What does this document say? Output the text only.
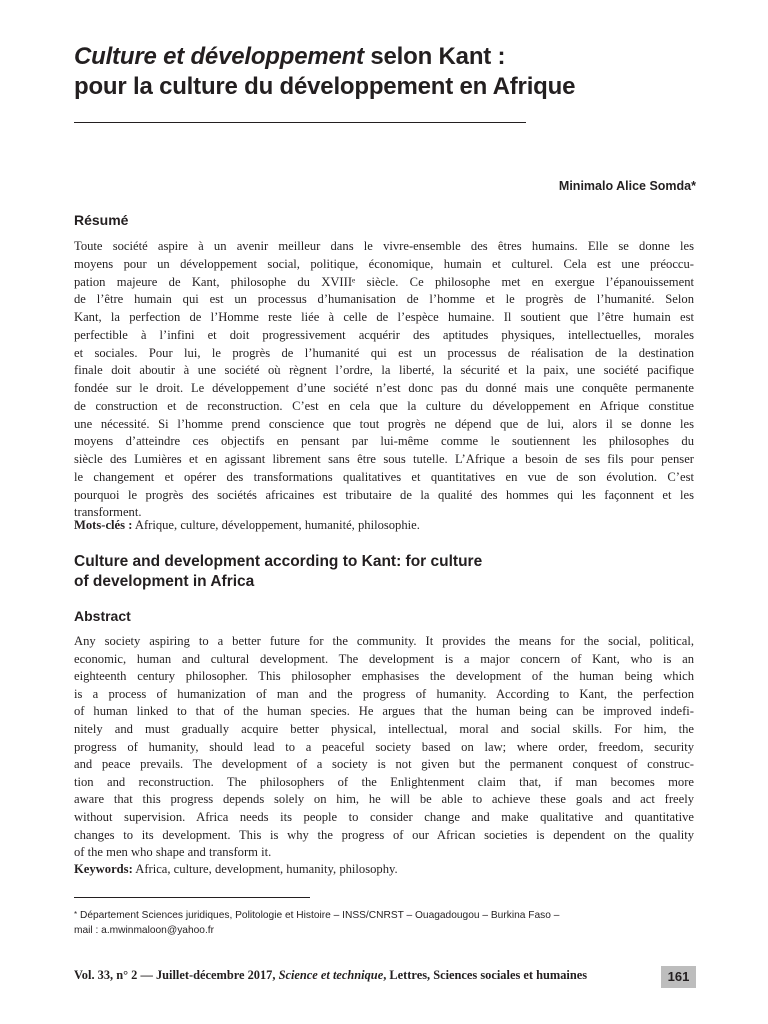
Culture et développement selon Kant :
pour la culture du développement en Afrique

Minimalo Alice Somda*

Résumé
Toute société aspire à un avenir meilleur dans le vivre-ensemble des êtres humains. Elle se donne les
moyens pour un développement social, politique, économique, humain et culturel. Cela est une préoccu-
pation majeure de Kant, philosophe du XVIIIᵉ siècle. Ce philosophe met en exergue l’épanouissement
de l’être humain qui est un processus d’humanisation de l’homme et le progrès de l’humanité. Selon
Kant, la perfection de l’Homme reste liée à celle de l’espèce humaine. Il soutient que l’être humain est
perfectible à l’infini et doit progressivement acquérir des aptitudes physiques, intellectuelles, morales
et sociales. Pour lui, le progrès de l’humanité qui est un processus de réalisation de la destination
finale doit aboutir à une société où règnent l’ordre, la liberté, la sécurité et la paix, une société pacifique
fondée sur le droit. Le développement d’une société n’est donc pas du donné mais une conquête permanente
de construction et de reconstruction. C’est en cela que la culture du développement en Afrique constitue
une nécessité. Si l’homme prend conscience que tout progrès ne dépend que de lui, alors il se donne les
moyens d’atteindre ces objectifs en pensant par lui-même comme le soutiennent les philosophes du
siècle des Lumières et en agissant librement sans être sous tutelle. L’Afrique a besoin de ses fils pour penser
le changement et opérer des transformations qualitatives et quantitatives en vue de son évolution. C’est
pourquoi le progrès des sociétés africaines est tributaire de la qualité des hommes qui les façonnent et les
transforment.

Mots-clés : Afrique, culture, développement, humanité, philosophie.

Culture and development according to Kant: for culture
of development in Africa
Abstract
Any society aspiring to a better future for the community. It provides the means for the social, political,
economic, human and cultural development. The development is a major concern of Kant, who is an
eighteenth century philosopher. This philosopher emphasises the development of the human being which
is a process of humanization of man and the progress of humanity. According to Kant, the perfection
of human linked to that of the human species. He argues that the human being can be improved indefi-
nitely and must gradually acquire better physical, intellectual, moral and social skills. For him, the
progress of humanity, should lead to a peaceful society based on law; where order, freedom, security
and peace prevails. The development of a society is not given but the permanent conquest of construc-
tion and reconstruction. The philosophers of the Enlightenment claim that, if man becomes more
aware that this progress depends solely on him, he will be able to achieve these goals and act freely
without supervision. Africa needs its people to consider change and make qualitative and quantitative
changes to its development. This is why the progress of our African societies is dependent on the quality
of the men who shape and transform it.

Keywords: Africa, culture, development, humanity, philosophy.

* Département Sciences juridiques, Politologie et Histoire – INSS/CNRST – Ouagadougou – Burkina Faso –
mail : a.mwinmaloon@yahoo.fr

Vol. 33, n° 2 — Juillet-décembre 2017, Science et technique, Lettres, Sciences sociales et humaines	161
